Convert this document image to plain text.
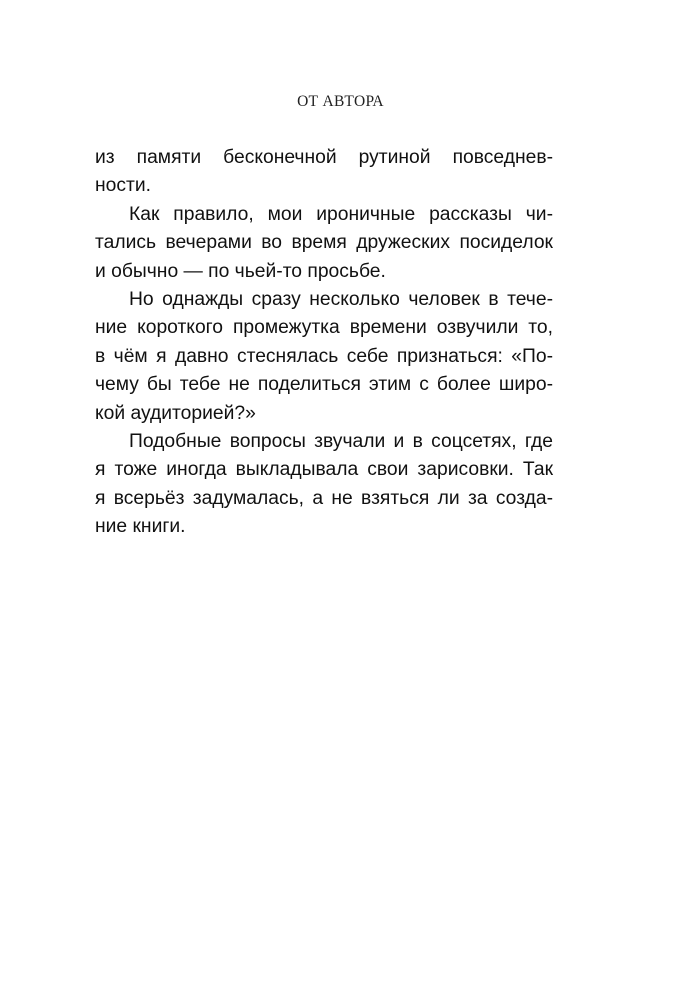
ОТ АВТОРА
из памяти бесконечной рутиной повседнев-
ности.
Как правило, мои ироничные рассказы чи-
тались вечерами во время дружеских посиделок
и обычно — по чьей-то просьбе.
Но однажды сразу несколько человек в тече-
ние короткого промежутка времени озвучили то,
в чём я давно стеснялась себе признаться: «По-
чему бы тебе не поделиться этим с более широ-
кой аудиторией?»
Подобные вопросы звучали и в соцсетях, где
я тоже иногда выкладывала свои зарисовки. Так
я всерьёз задумалась, а не взяться ли за созда-
ние книги.
